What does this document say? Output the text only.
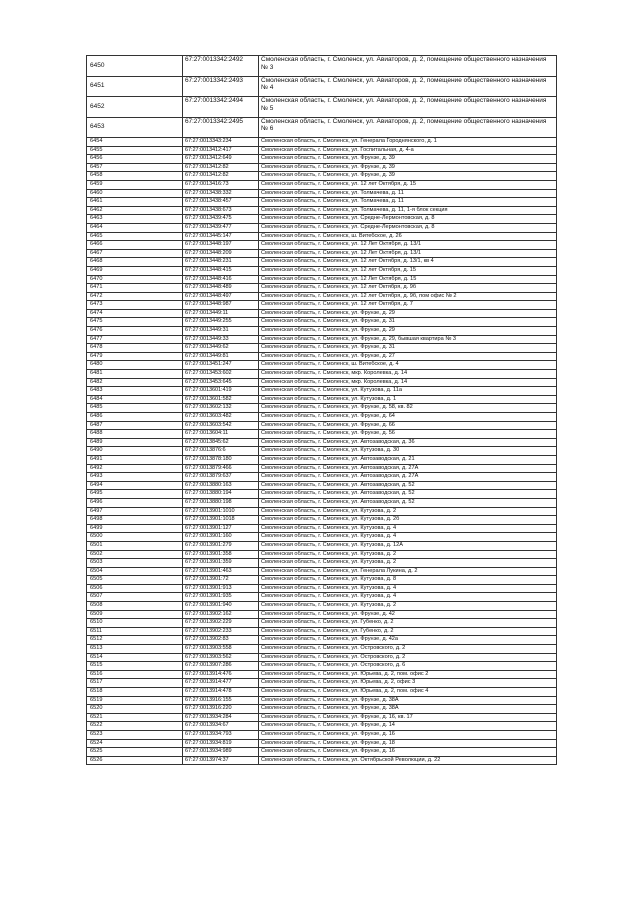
6450	67:27:0013342:2492	Смоленская область, г. Смоленск, ул. Авиаторов, д. 2, помещение общественного назначения № 3
6451	67:27:0013342:2493	Смоленская область, г. Смоленск, ул. Авиаторов, д. 2, помещение общественного назначения № 4
6452	67:27:0013342:2494	Смоленская область, г. Смоленск, ул. Авиаторов, д. 2, помещение общественного назначения № 5
6453	67:27:0013342:2495	Смоленская область, г. Смоленск, ул. Авиаторов, д. 2, помещение общественного назначения № 6
6454	67:27:0013343:234	Смоленская область, г. Смоленск, ул. Генерала Городнянского, д. 1
6455	67:27:0013412:417	Смоленская область, г. Смоленск, ул. Госпитальная, д. 4-а
6456	67:27:0013412:649	Смоленская область, г. Смоленск, ул. Фрунзе, д. 39
6457	67:27:0013412:82	Смоленская область, г. Смоленск, ул. Фрунзе, д. 39
6458	67:27:0013412:82	Смоленская область, г. Смоленск, ул. Фрунзе, д. 39
6459	67:27:0013416:73	Смоленская область, г. Смоленск, ул. 12 лет Октября, д. 15
6460	67:27:0013438:332	Смоленская область, г. Смоленск, ул. Толмачева, д. 11
6461	67:27:0013438:457	Смоленская область, г. Смоленск, ул. Толмачева, д. 11
6462	67:27:0013438:673	Смоленская область, г. Смоленск, ул. Толмачева, д. 11, 1-я блок секция
6463	67:27:0013439:475	Смоленская область, г. Смоленск, ул. Средне-Лермонтовская, д. 8
6464	67:27:0013439:477	Смоленская область, г. Смоленск, ул. Средне-Лермонтовская, д. 8
6465	67:27:0013445:147	Смоленская область, г. Смоленск, ш. Витебское, д. 26
6466	67:27:0013448:197	Смоленская область, г. Смоленск, ул. 12 Лет Октября, д. 13/1
6467	67:27:0013448:209	Смоленская область, г. Смоленск, ул. 12 Лет Октября, д. 13/1
6468	67:27:0013448:231	Смоленская область, г. Смоленск, ул. 12 лет Октября, д. 13/1, кв 4
6469	67:27:0013448:415	Смоленская область, г. Смоленск, ул. 12 лет Октября, д. 15
6470	67:27:0013448:416	Смоленская область, г. Смоленск, ул. 12 Лет Октября, д. 15
6471	67:27:0013448:489	Смоленская область, г. Смоленск, ул. 12 лет Октября, д. 9б
6472	67:27:0013448:497	Смоленская область, г. Смоленск, ул. 12 лет Октября, д. 9б, пом офис № 2
6473	67:27:0013448:987	Смоленская область, г. Смоленск, ул. 12 лет Октября, д. 7
6474	67:27:0013449:11	Смоленская область, г. Смоленск, ул. Фрунзе, д. 29
6475	67:27:0013449:255	Смоленская область, г. Смоленск, ул. Фрунзе, д. 31
6476	67:27:0013449:31	Смоленская область, г. Смоленск, ул. Фрунзе, д. 29
6477	67:27:0013449:33	Смоленская область, г. Смоленск, ул. Фрунзе, д. 29, бывшая квартира № 3
6478	67:27:0013449:62	Смоленская область, г. Смоленск, ул. Фрунзе, д. 31
6479	67:27:0013449:81	Смоленская область, г. Смоленск, ул. Фрунзе, д. 27
6480	67:27:0013451:247	Смоленская область, г. Смоленск, ш. Витебское, д. 4
6481	67:27:0013453:602	Смоленская область, г. Смоленск, мкр. Королевка, д. 14
6482	67:27:0013453:645	Смоленская область, г. Смоленск, мкр. Королевка, д. 14
6483	67:27:0013601:419	Смоленская область, г. Смоленск, ул. Кутузова, д. 11а
6484	67:27:0013601:582	Смоленская область, г. Смоленск, ул. Кутузова, д. 1
6485	67:27:0013602:132	Смоленская область, г. Смоленск, ул. Фрунзе, д. 58, кв. 82
6486	67:27:0013603:482	Смоленская область, г. Смоленск, ул. Фрунзе, д. 64
6487	67:27:0013603:542	Смоленская область, г. Смоленск, ул. Фрунзе, д. 66
6488	67:27:0013604:11	Смоленская область, г. Смоленск, ул. Фрунзе, д. 56
6489	67:27:0013845:62	Смоленская область, г. Смоленск, ул. Автозаводская, д. 36
6490	67:27:0013876:6	Смоленская область, г. Смоленск, ул. Кутузова, д. 30
6491	67:27:0013878:180	Смоленская область, г. Смоленск, ул. Автозаводская, д. 21
6492	67:27:0013879:466	Смоленская область, г. Смоленск, ул. Автозаводская, д. 27А
6493	67:27:0013879:637	Смоленская область, г. Смоленск, ул. Автозаводская, д. 27А
6494	67:27:0013880:163	Смоленская область, г. Смоленск, ул. Автозаводская, д. 52
6495	67:27:0013880:194	Смоленская область, г. Смоленск, ул. Автозаводская, д. 52
6496	67:27:0013880:198	Смоленская область, г. Смоленск, ул. Автозаводская, д. 52
6497	67:27:0013901:1010	Смоленская область, г. Смоленск, ул. Кутузова, д. 2
6498	67:27:0013901:1018	Смоленская область, г. Смоленск, ул. Кутузова, д. 2б
6499	67:27:0013901:127	Смоленская область, г. Смоленск, ул. Кутузова, д. 4
6500	67:27:0013901:160	Смоленская область, г. Смоленск, ул. Кутузова, д. 4
6501	67:27:0013901:279	Смоленская область, г. Смоленск, ул. Кутузова, д. 12А
6502	67:27:0013901:358	Смоленская область, г. Смоленск, ул. Кутузова, д. 2
6503	67:27:0013901:359	Смоленская область, г. Смоленск, ул. Кутузова, д. 2
6504	67:27:0013901:463	Смоленская область, г. Смоленск, ул. Генерала Лукина, д. 2
6505	67:27:0013901:72	Смоленская область, г. Смоленск, ул. Кутузова, д. 8
6506	67:27:0013901:913	Смоленская область, г. Смоленск, ул. Кутузова, д. 4
6507	67:27:0013901:935	Смоленская область, г. Смоленск, ул. Кутузова, д. 4
6508	67:27:0013901:940	Смоленская область, г. Смоленск, ул. Кутузова, д. 2
6509	67:27:0013902:162	Смоленская область, г. Смоленск, ул. Фрунзе, д. 42
6510	67:27:0013902:229	Смоленская область, г. Смоленск, ул. Губенко, д. 2
6511	67:27:0013902:233	Смоленская область, г. Смоленск, ул. Губенко, д. 2
6512	67:27:0013902:83	Смоленская область, г. Смоленск, ул. Фрунзе, д. 42а
6513	67:27:0013903:558	Смоленская область, г. Смоленск, ул. Островского, д. 2
6514	67:27:0013903:562	Смоленская область, г. Смоленск, ул. Островского, д. 2
6515	67:27:0013907:286	Смоленская область, г. Смоленск, ул. Островского, д. 6
6516	67:27:0013914:476	Смоленская область, г. Смоленск, ул. Юрьева, д. 2, пом. офис 2
6517	67:27:0013914:477	Смоленская область, г. Смоленск, ул. Юрьева, д. 2, офис 3
6518	67:27:0013914:478	Смоленская область, г. Смоленск, ул. Юрьева, д. 2, пом. офис 4
6519	67:27:0013916:155	Смоленская область, г. Смоленск, ул. Фрунзе, д. 38А
6520	67:27:0013916:220	Смоленская область, г. Смоленск, ул. Фрунзе, д. 38А
6521	67:27:0013934:284	Смоленская область, г. Смоленск, ул. Фрунзе, д. 16, кв. 17
6522	67:27:0013934:67	Смоленская область, г. Смоленск, ул. Фрунзе, д. 14
6523	67:27:0013934:793	Смоленская область, г. Смоленск, ул. Фрунзе, д. 16
6524	67:27:0013934:819	Смоленская область, г. Смоленск, ул. Фрунзе, д. 18
6525	67:27:0013934:989	Смоленская область, г. Смоленск, ул. Фрунзе, д. 16
6526	67:27:0013974:37	Смоленская область, г. Смоленск, ул. Октябрьской Революции, д. 22
